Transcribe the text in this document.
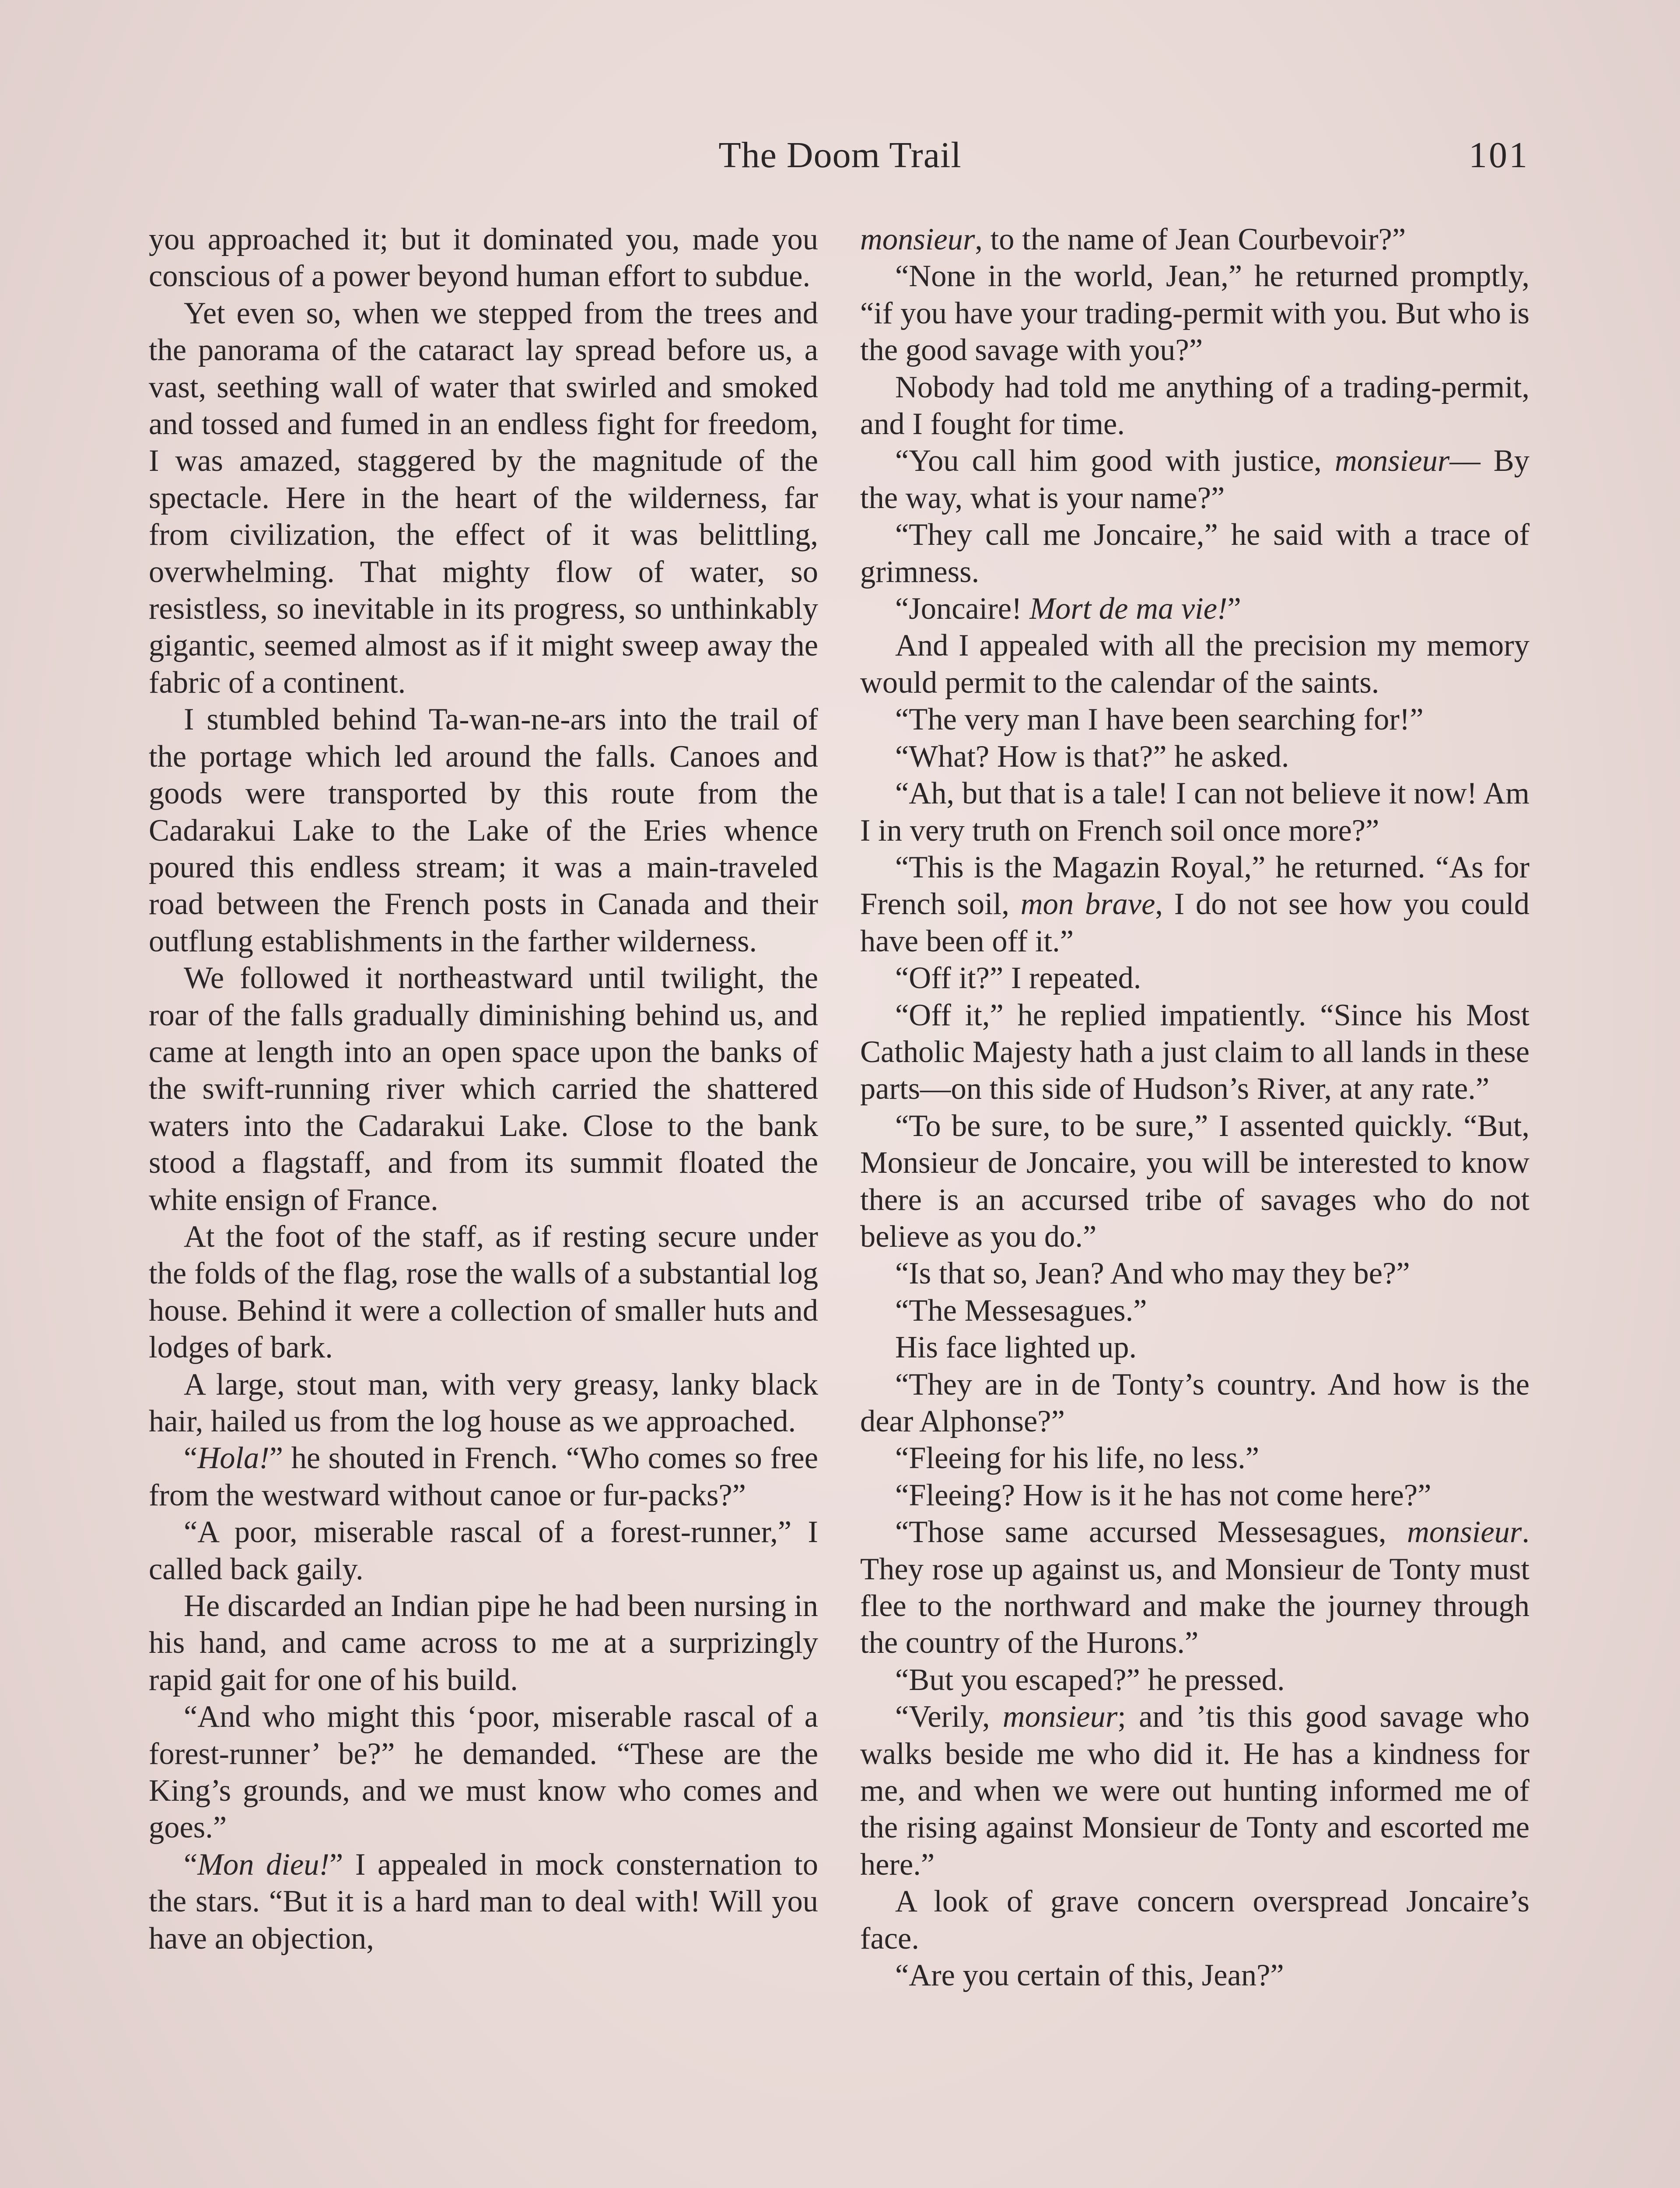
The Doom Trail	101

you approached it; but it dominated you, made you conscious of a power beyond human effort to subdue.

Yet even so, when we stepped from the trees and the panorama of the cataract lay spread before us, a vast, seething wall of water that swirled and smoked and tossed and fumed in an endless fight for freedom, I was amazed, staggered by the magnitude of the spectacle. Here in the heart of the wilderness, far from civilization, the effect of it was belittling, overwhelming. That mighty flow of water, so resistless, so inevitable in its progress, so unthinkably gigantic, seemed almost as if it might sweep away the fabric of a continent.

I stumbled behind Ta-wan-ne-ars into the trail of the portage which led around the falls. Canoes and goods were transported by this route from the Cadarakui Lake to the Lake of the Eries whence poured this endless stream; it was a main-traveled road between the French posts in Canada and their outflung establishments in the farther wilderness.

We followed it northeastward until twilight, the roar of the falls gradually diminishing behind us, and came at length into an open space upon the banks of the swift-running river which carried the shattered waters into the Cadarakui Lake. Close to the bank stood a flagstaff, and from its summit floated the white ensign of France.

At the foot of the staff, as if resting secure under the folds of the flag, rose the walls of a substantial log house. Behind it were a collection of smaller huts and lodges of bark.

A large, stout man, with very greasy, lanky black hair, hailed us from the log house as we approached.

“Hola!” he shouted in French. “Who comes so free from the westward without canoe or fur-packs?”

“A poor, miserable rascal of a forest-runner,” I called back gaily.

He discarded an Indian pipe he had been nursing in his hand, and came across to me at a surprizingly rapid gait for one of his build.

“And who might this ‘poor, miserable rascal of a forest-runner’ be?” he demanded. “These are the King’s grounds, and we must know who comes and goes.”

“Mon dieu!” I appealed in mock consternation to the stars. “But it is a hard man to deal with! Will you have an objection,

monsieur, to the name of Jean Courbevoir?”

“None in the world, Jean,” he returned promptly, “if you have your trading-permit with you. But who is the good savage with you?”

Nobody had told me anything of a trading-permit, and I fought for time.

“You call him good with justice, monsieur— By the way, what is your name?”

“They call me Joncaire,” he said with a trace of grimness.

“Joncaire! Mort de ma vie!”

And I appealed with all the precision my memory would permit to the calendar of the saints.

“The very man I have been searching for!”

“What? How is that?” he asked.

“Ah, but that is a tale! I can not believe it now! Am I in very truth on French soil once more?”

“This is the Magazin Royal,” he returned. “As for French soil, mon brave, I do not see how you could have been off it.”

“Off it?” I repeated.

“Off it,” he replied impatiently. “Since his Most Catholic Majesty hath a just claim to all lands in these parts—on this side of Hudson’s River, at any rate.”

“To be sure, to be sure,” I assented quickly. “But, Monsieur de Joncaire, you will be interested to know there is an accursed tribe of savages who do not believe as you do.”

“Is that so, Jean? And who may they be?”

“The Messesagues.”

His face lighted up.

“They are in de Tonty’s country. And how is the dear Alphonse?”

“Fleeing for his life, no less.”

“Fleeing? How is it he has not come here?”

“Those same accursed Messesagues, monsieur. They rose up against us, and Monsieur de Tonty must flee to the northward and make the journey through the country of the Hurons.”

“But you escaped?” he pressed.

“Verily, monsieur; and ’tis this good savage who walks beside me who did it. He has a kindness for me, and when we were out hunting informed me of the rising against Monsieur de Tonty and escorted me here.”

A look of grave concern overspread Joncaire’s face.

“Are you certain of this, Jean?”
